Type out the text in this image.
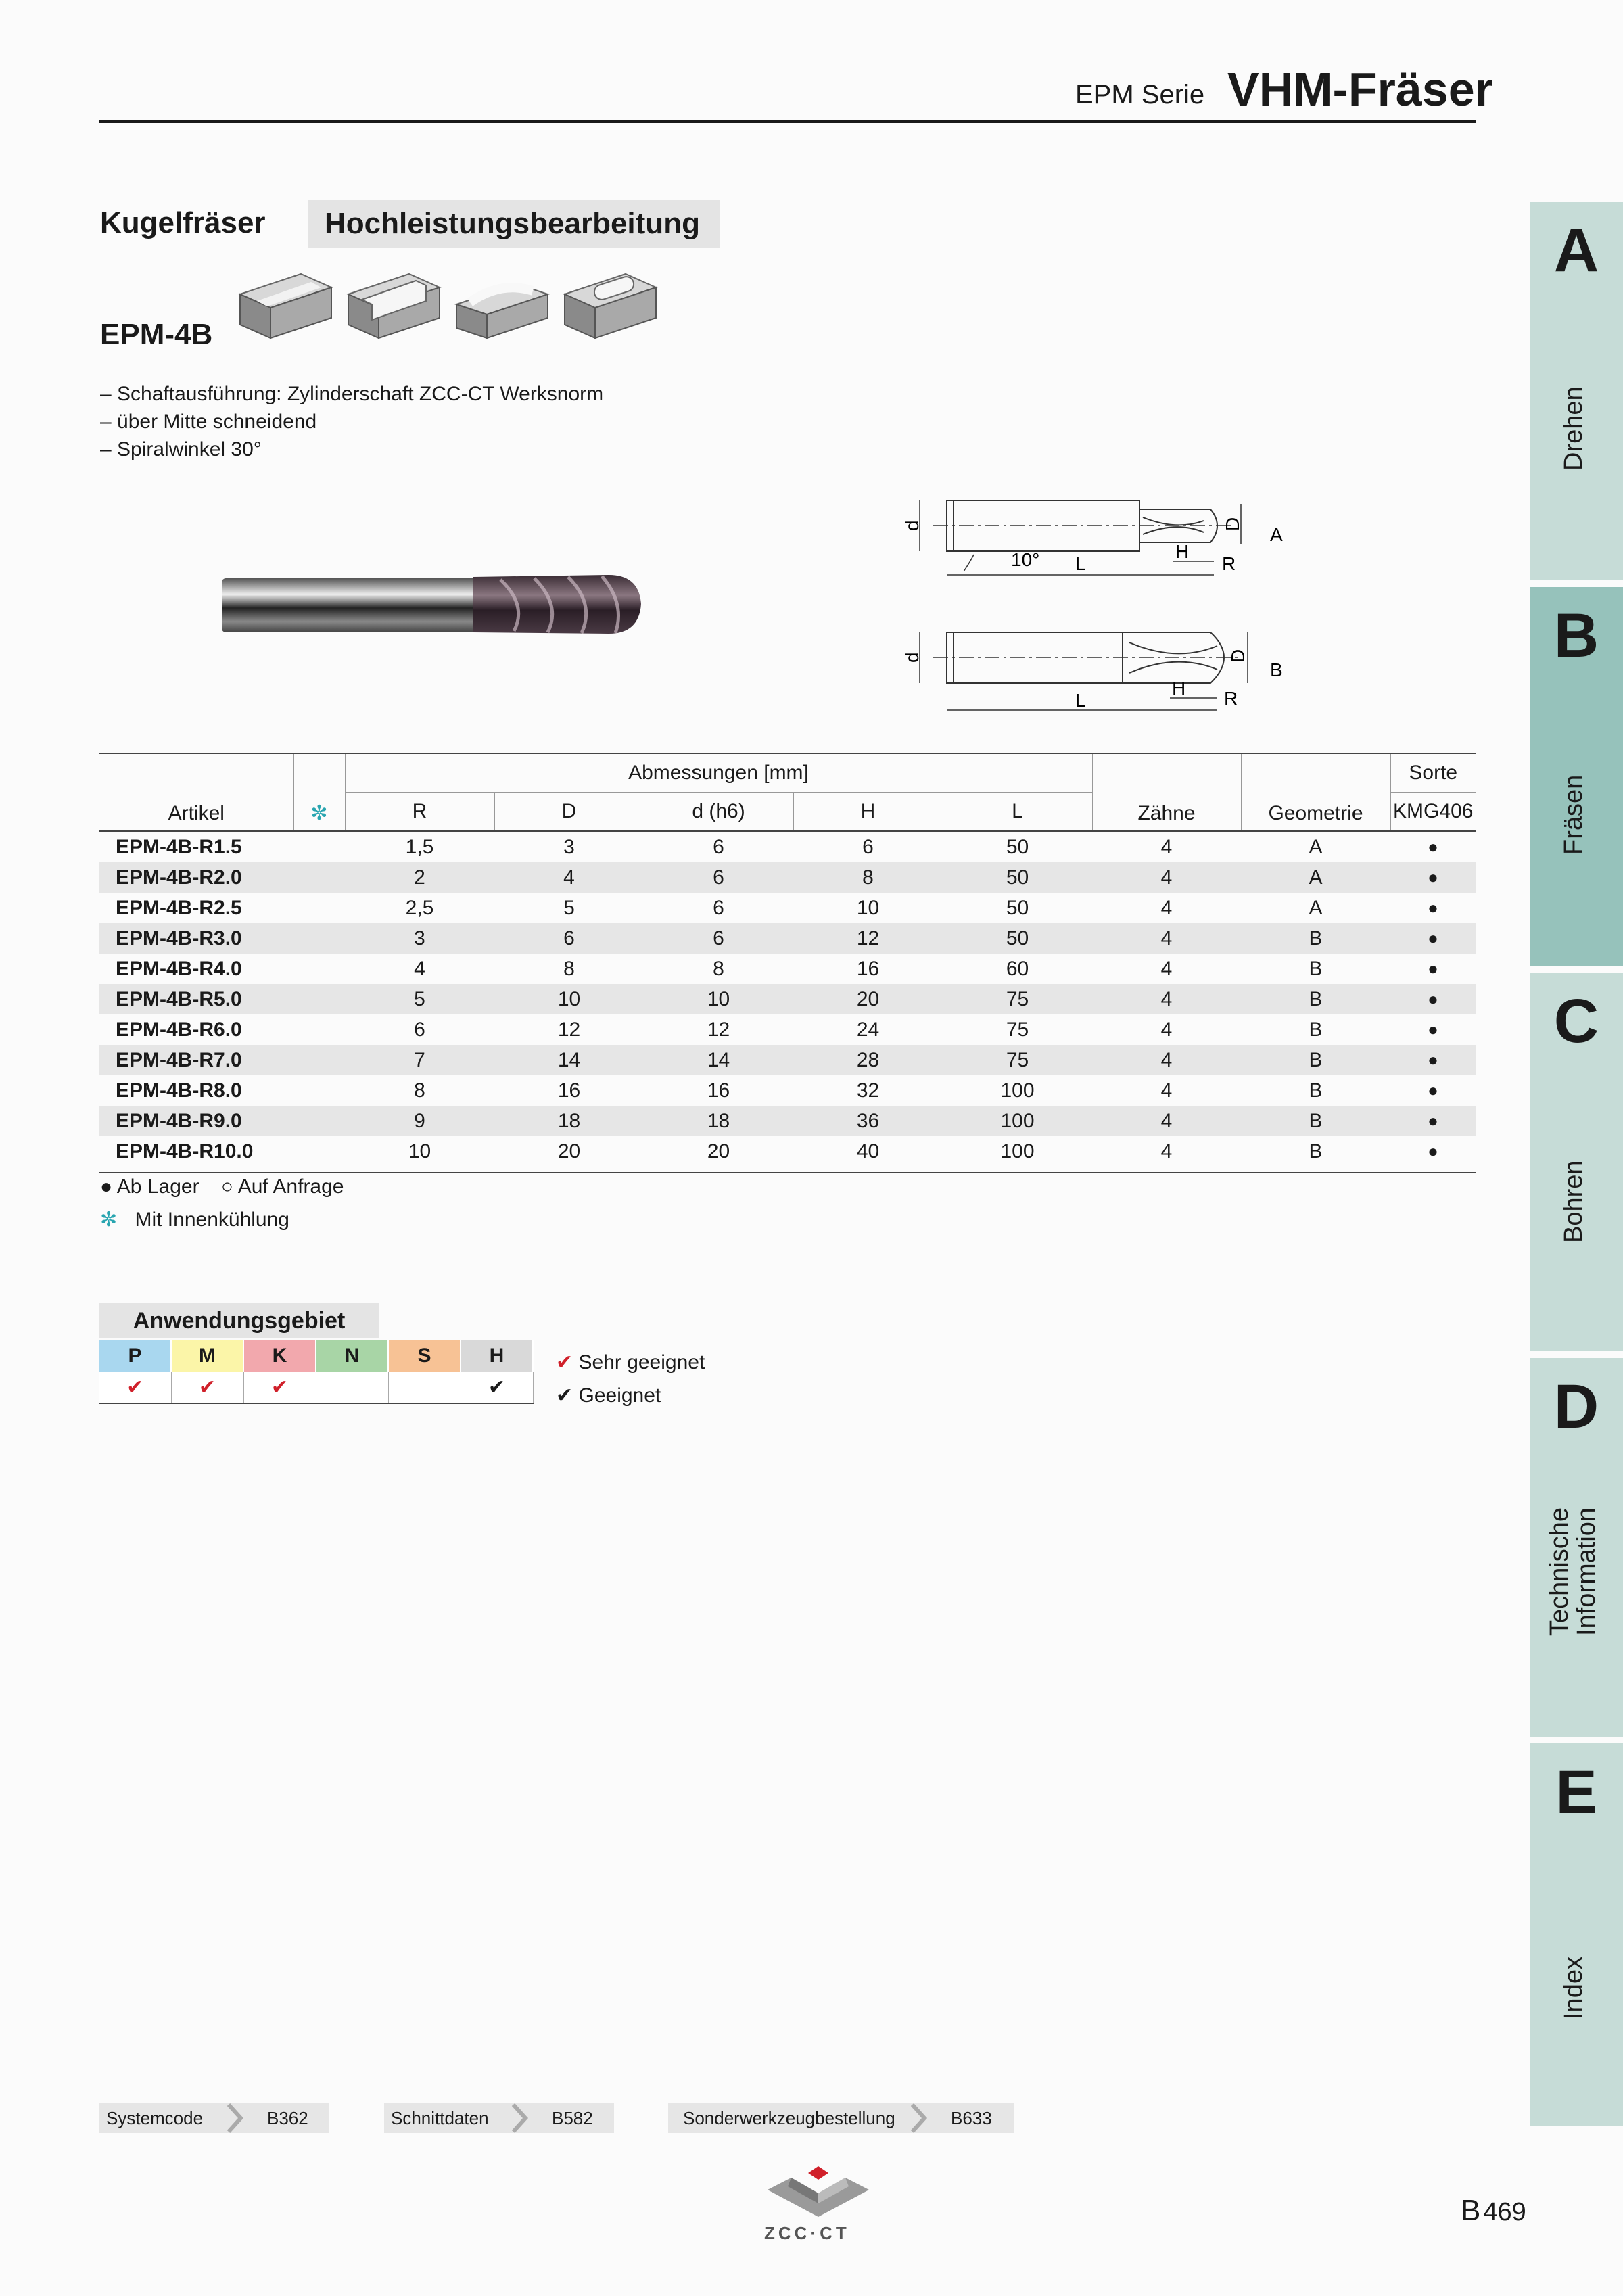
EPM Serie VHM-Fräser
A
Drehen
B
Fräsen
C
Bohren
D
Technische Information
E
Index
Kugelfräser	Hochleistungsbearbeitung
EPM-4B
– Schaftausführung: Zylinderschaft ZCC-CT Werksnorm
– über Mitte schneidend
– Spiralwinkel 30°
d	D
H
R
L
10°
A
d	D
H R
L
B
Artikel	✼	Abmessungen [mm]					Zähne	Geometrie	Sorte
		R	D	d (h6)	H	L			KMG406
EPM-4B-R1.5		1,5	3	6	6	50	4	A	●
EPM-4B-R2.0		2	4	6	8	50	4	A	●
EPM-4B-R2.5		2,5	5	6	10	50	4	A	●
EPM-4B-R3.0		3	6	6	12	50	4	B	●
EPM-4B-R4.0		4	8	8	16	60	4	B	●
EPM-4B-R5.0		5	10	10	20	75	4	B	●
EPM-4B-R6.0		6	12	12	24	75	4	B	●
EPM-4B-R7.0		7	14	14	28	75	4	B	●
EPM-4B-R8.0		8	16	16	32	100	4	B	●
EPM-4B-R9.0		9	18	18	36	100	4	B	●
EPM-4B-R10.0		10	20	20	40	100	4	B	●
● Ab Lager ○ Auf Anfrage
✼ Mit Innenkühlung
Anwendungsgebiet
P	M	K	N	S	H
✔	✔	✔			✔
✔ Sehr geeignet
✔ Geeignet
Systemcode	B362	Schnittdaten	B582	Sonderwerkzeugbestellung	B633
ZCC·CT
B 469
